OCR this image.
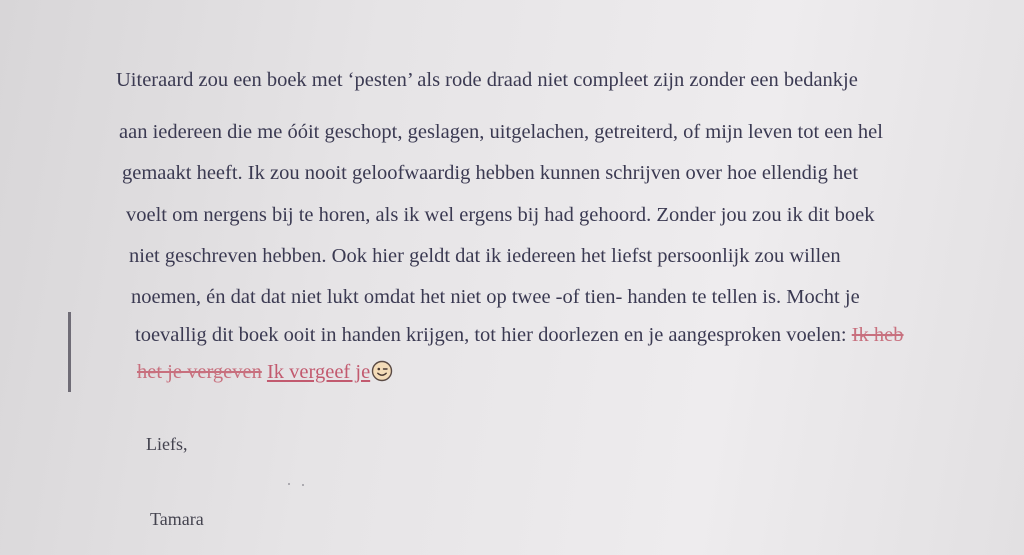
Uiteraard zou een boek met ‘pesten’ als rode draad niet compleet zijn zonder een bedankje
aan iedereen die me óóit geschopt, geslagen, uitgelachen, getreiterd, of mijn leven tot een hel
gemaakt heeft. Ik zou nooit geloofwaardig hebben kunnen schrijven over hoe ellendig het
voelt om nergens bij te horen, als ik wel ergens bij had gehoord. Zonder jou zou ik dit boek
niet geschreven hebben. Ook hier geldt dat ik iedereen het liefst persoonlijk zou willen
noemen, én dat dat niet lukt omdat het niet op twee -of tien- handen te tellen is. Mocht je
toevallig dit boek ooit in handen krijgen, tot hier doorlezen en je aangesproken voelen: Ik heb
het je vergeven Ik vergeef je
Liefs,
Tamara
